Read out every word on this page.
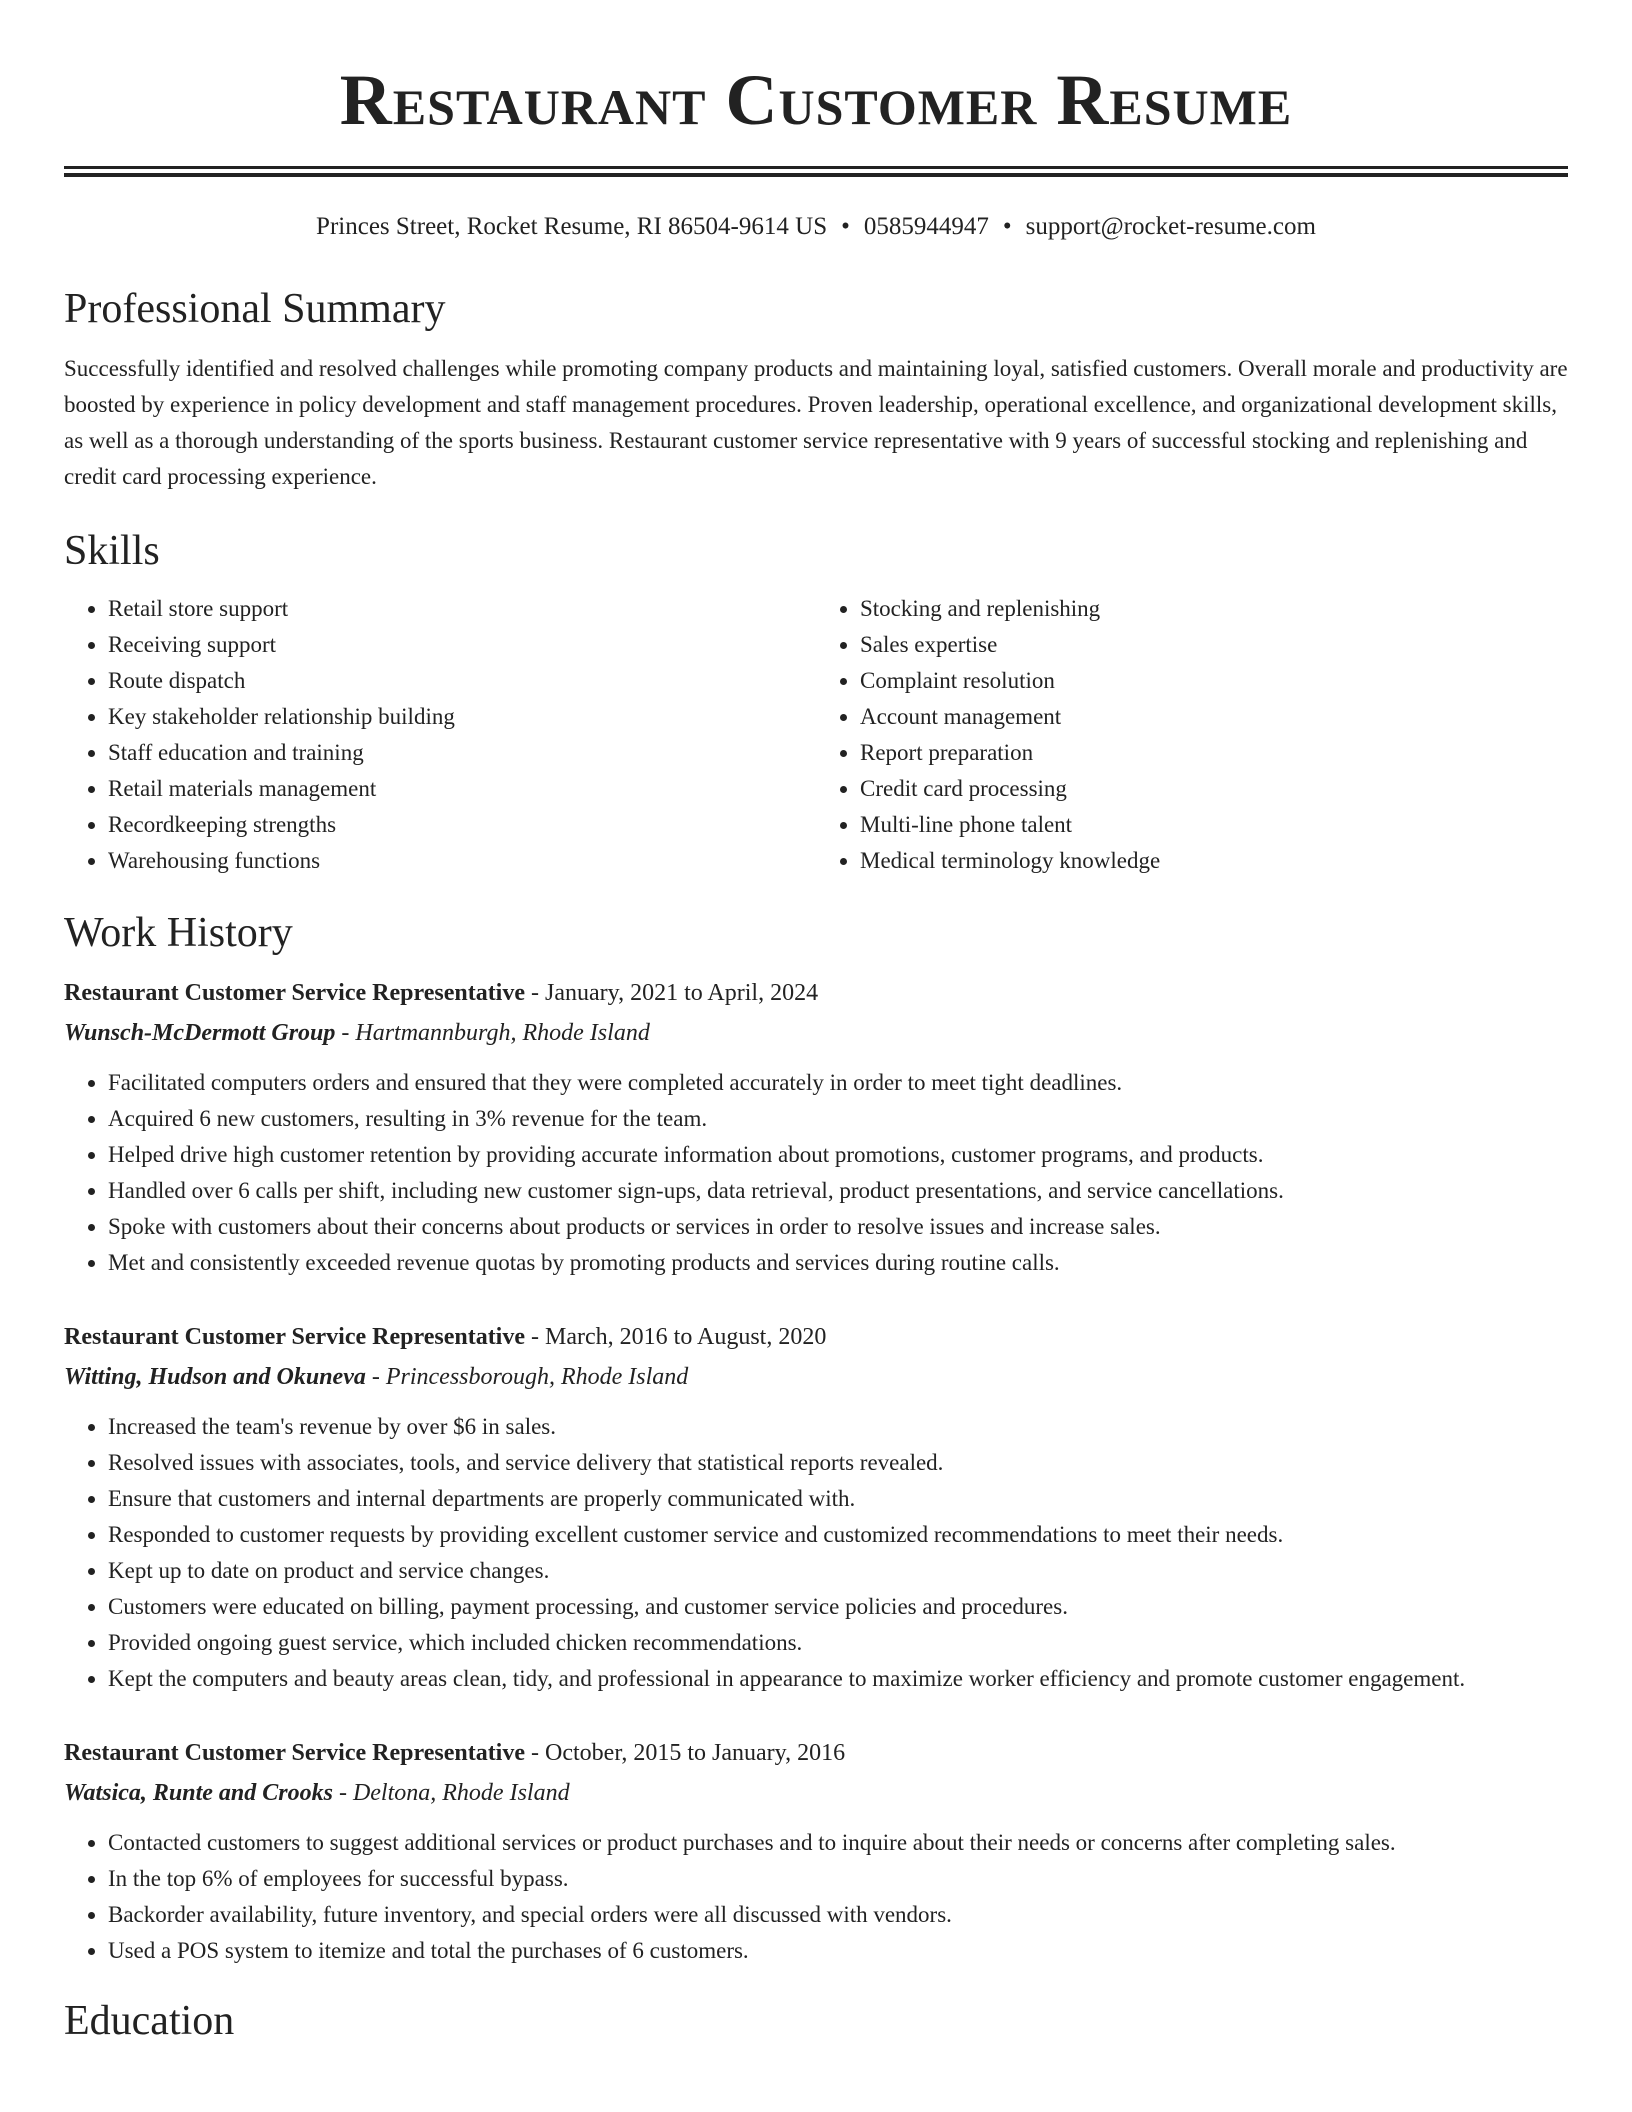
Restaurant Customer Resume
Princes Street, Rocket Resume, RI 86504-9614 US • 0585944947 • support@rocket-resume.com
Professional Summary

Successfully identified and resolved challenges while promoting company products and maintaining loyal, satisfied customers. Overall morale and productivity are boosted by experience in policy development and staff management procedures. Proven leadership, operational excellence, and organizational development skills, as well as a thorough understanding of the sports business. Restaurant customer service representative with 9 years of successful stocking and replenishing and credit card processing experience.

Skills
• Retail store support
• Receiving support
• Route dispatch
• Key stakeholder relationship building
• Staff education and training
• Retail materials management
• Recordkeeping strengths
• Warehousing functions
• Stocking and replenishing
• Sales expertise
• Complaint resolution
• Account management
• Report preparation
• Credit card processing
• Multi-line phone talent
• Medical terminology knowledge
Work History
Restaurant Customer Service Representative - January, 2021 to April, 2024
Wunsch-McDermott Group - Hartmannburgh, Rhode Island
• Facilitated computers orders and ensured that they were completed accurately in order to meet tight deadlines.
• Acquired 6 new customers, resulting in 3% revenue for the team.
• Helped drive high customer retention by providing accurate information about promotions, customer programs, and products.
• Handled over 6 calls per shift, including new customer sign-ups, data retrieval, product presentations, and service cancellations.
• Spoke with customers about their concerns about products or services in order to resolve issues and increase sales.
• Met and consistently exceeded revenue quotas by promoting products and services during routine calls.
Restaurant Customer Service Representative - March, 2016 to August, 2020
Witting, Hudson and Okuneva - Princessborough, Rhode Island
• Increased the team's revenue by over $6 in sales.
• Resolved issues with associates, tools, and service delivery that statistical reports revealed.
• Ensure that customers and internal departments are properly communicated with.
• Responded to customer requests by providing excellent customer service and customized recommendations to meet their needs.
• Kept up to date on product and service changes.
• Customers were educated on billing, payment processing, and customer service policies and procedures.
• Provided ongoing guest service, which included chicken recommendations.
• Kept the computers and beauty areas clean, tidy, and professional in appearance to maximize worker efficiency and promote customer engagement.
Restaurant Customer Service Representative - October, 2015 to January, 2016
Watsica, Runte and Crooks - Deltona, Rhode Island
• Contacted customers to suggest additional services or product purchases and to inquire about their needs or concerns after completing sales.
• In the top 6% of employees for successful bypass.
• Backorder availability, future inventory, and special orders were all discussed with vendors.
• Used a POS system to itemize and total the purchases of 6 customers.
Education
